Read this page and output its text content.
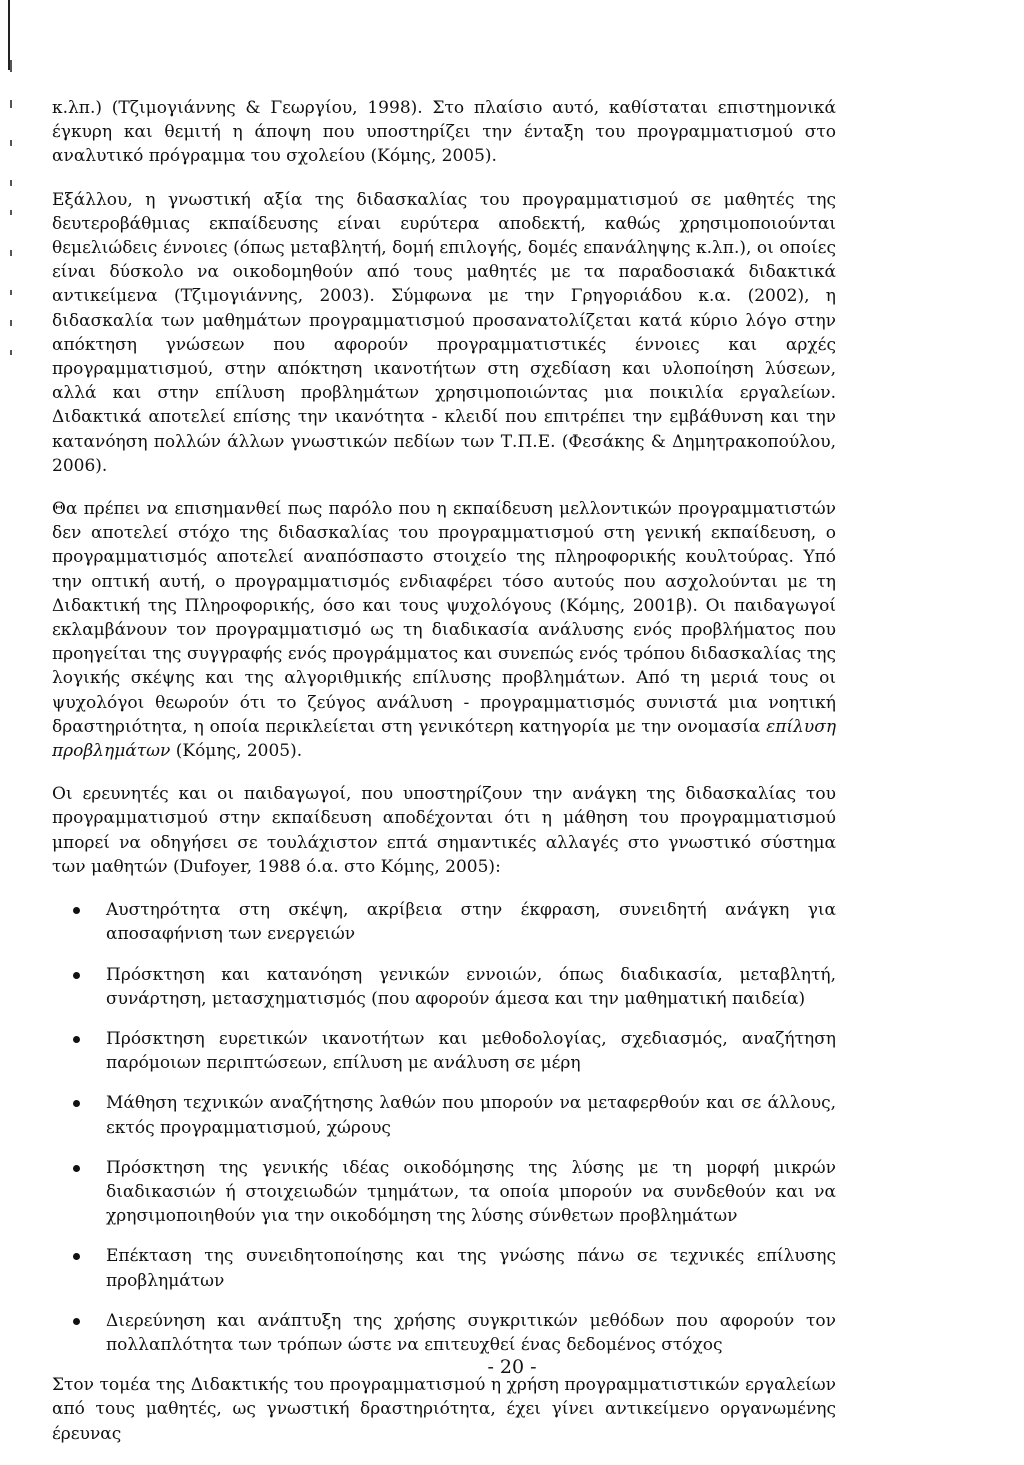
κ.λπ.) (Τζιμογιάννης & Γεωργίου, 1998). Στο πλαίσιο αυτό, καθίσταται επιστημονικά έγκυρη και θεμιτή η άποψη που υποστηρίζει την ένταξη του προγραμματισμού στο αναλυτικό πρόγραμμα του σχολείου (Κόμης, 2005).

Εξάλλου, η γνωστική αξία της διδασκαλίας του προγραμματισμού σε μαθητές της δευτεροβάθμιας εκπαίδευσης είναι ευρύτερα αποδεκτή, καθώς χρησιμοποιούνται θεμελιώδεις έννοιες (όπως μεταβλητή, δομή επιλογής, δομές επανάληψης κ.λπ.), οι οποίες είναι δύσκολο να οικοδομηθούν από τους μαθητές με τα παραδοσιακά διδακτικά αντικείμενα (Τζιμογιάννης, 2003). Σύμφωνα με την Γρηγοριάδου κ.α. (2002), η διδασκαλία των μαθημάτων προγραμματισμού προσανατολίζεται κατά κύριο λόγο στην απόκτηση γνώσεων που αφορούν προγραμματιστικές έννοιες και αρχές προγραμματισμού, στην απόκτηση ικανοτήτων στη σχεδίαση και υλοποίηση λύσεων, αλλά και στην επίλυση προβλημάτων χρησιμοποιώντας μια ποικιλία εργαλείων. Διδακτικά αποτελεί επίσης την ικανότητα - κλειδί που επιτρέπει την εμβάθυνση και την κατανόηση πολλών άλλων γνωστικών πεδίων των Τ.Π.Ε. (Φεσάκης & Δημητρακοπούλου, 2006).

Θα πρέπει να επισημανθεί πως παρόλο που η εκπαίδευση μελλοντικών προγραμματιστών δεν αποτελεί στόχο της διδασκαλίας του προγραμματισμού στη γενική εκπαίδευση, ο προγραμματισμός αποτελεί αναπόσπαστο στοιχείο της πληροφορικής κουλτούρας. Υπό την οπτική αυτή, ο προγραμματισμός ενδιαφέρει τόσο αυτούς που ασχολούνται με τη Διδακτική της Πληροφορικής, όσο και τους ψυχολόγους (Κόμης, 2001β). Οι παιδαγωγοί εκλαμβάνουν τον προγραμματισμό ως τη διαδικασία ανάλυσης ενός προβλήματος που προηγείται της συγγραφής ενός προγράμματος και συνεπώς ενός τρόπου διδασκαλίας της λογικής σκέψης και της αλγοριθμικής επίλυσης προβλημάτων. Από τη μεριά τους οι ψυχολόγοι θεωρούν ότι το ζεύγος ανάλυση - προγραμματισμός συνιστά μια νοητική δραστηριότητα, η οποία περικλείεται στη γενικότερη κατηγορία με την ονομασία επίλυση προβλημάτων (Κόμης, 2005).

Οι ερευνητές και οι παιδαγωγοί, που υποστηρίζουν την ανάγκη της διδασκαλίας του προγραμματισμού στην εκπαίδευση αποδέχονται ότι η μάθηση του προγραμματισμού μπορεί να οδηγήσει σε τουλάχιστον επτά σημαντικές αλλαγές στο γνωστικό σύστημα των μαθητών (Dufoyer, 1988 ό.α. στο Κόμης, 2005):

Αυστηρότητα στη σκέψη, ακρίβεια στην έκφραση, συνειδητή ανάγκη για αποσαφήνιση των ενεργειών
Πρόσκτηση και κατανόηση γενικών εννοιών, όπως διαδικασία, μεταβλητή, συνάρτηση, μετασχηματισμός (που αφορούν άμεσα και την μαθηματική παιδεία)
Πρόσκτηση ευρετικών ικανοτήτων και μεθοδολογίας, σχεδιασμός, αναζήτηση παρόμοιων περιπτώσεων, επίλυση με ανάλυση σε μέρη
Μάθηση τεχνικών αναζήτησης λαθών που μπορούν να μεταφερθούν και σε άλλους, εκτός προγραμματισμού, χώρους
Πρόσκτηση της γενικής ιδέας οικοδόμησης της λύσης με τη μορφή μικρών διαδικασιών ή στοιχειωδών τμημάτων, τα οποία μπορούν να συνδεθούν και να χρησιμοποιηθούν για την οικοδόμηση της λύσης σύνθετων προβλημάτων
Επέκταση της συνειδητοποίησης και της γνώσης πάνω σε τεχνικές επίλυσης προβλημάτων
Διερεύνηση και ανάπτυξη της χρήσης συγκριτικών μεθόδων που αφορούν τον πολλαπλότητα των τρόπων ώστε να επιτευχθεί ένας δεδομένος στόχος

Στον τομέα της Διδακτικής του προγραμματισμού η χρήση προγραμματιστικών εργαλείων από τους μαθητές, ως γνωστική δραστηριότητα, έχει γίνει αντικείμενο οργανωμένης έρευνας

- 20 -
